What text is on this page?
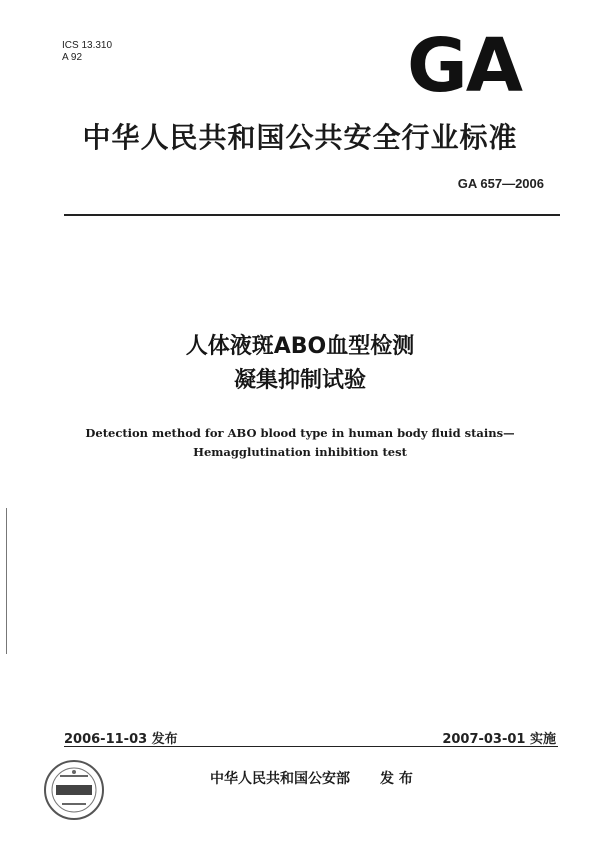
ICS 13.310
A 92	GA
中华人民共和国公共安全行业标准
GA 657—2006
人体液斑ABO血型检测
凝集抑制试验
Detection method for ABO blood type in human body fluid stains—
Hemagglutination inhibition test
2006-11-03 发布	2007-03-01 实施
中华人民共和国公安部 发 布
